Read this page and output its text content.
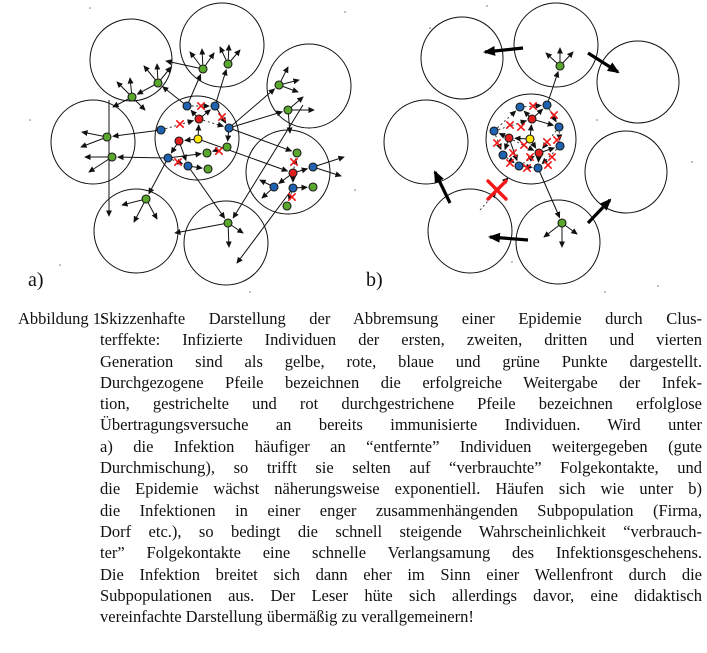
a)	b)
Abbildung 1:
Skizzenhafte Darstellung der Abbremsung einer Epidemie durch Clus-
terffekte: Infizierte Individuen der ersten, zweiten, dritten und vierten
Generation sind als gelbe, rote, blaue und grüne Punkte dargestellt.
Durchgezogene Pfeile bezeichnen die erfolgreiche Weitergabe der Infek-
tion, gestrichelte und rot durchgestrichene Pfeile bezeichnen erfolglose
Übertragungsversuche an bereits immunisierte Individuen. Wird unter
a) die Infektion häufiger an “entfernte” Individuen weitergegeben (gute
Durchmischung), so trifft sie selten auf “verbrauchte” Folgekontakte, und
die Epidemie wächst näherungsweise exponentiell. Häufen sich wie unter b)
die Infektionen in einer enger zusammenhängenden Subpopulation (Firma,
Dorf etc.), so bedingt die schnell steigende Wahrscheinlichkeit “verbrauch-
ter” Folgekontakte eine schnelle Verlangsamung des Infektionsgeschehens.
Die Infektion breitet sich dann eher im Sinn einer Wellenfront durch die
Subpopulationen aus. Der Leser hüte sich allerdings davor, eine didaktisch
vereinfachte Darstellung übermäßig zu verallgemeinern!
